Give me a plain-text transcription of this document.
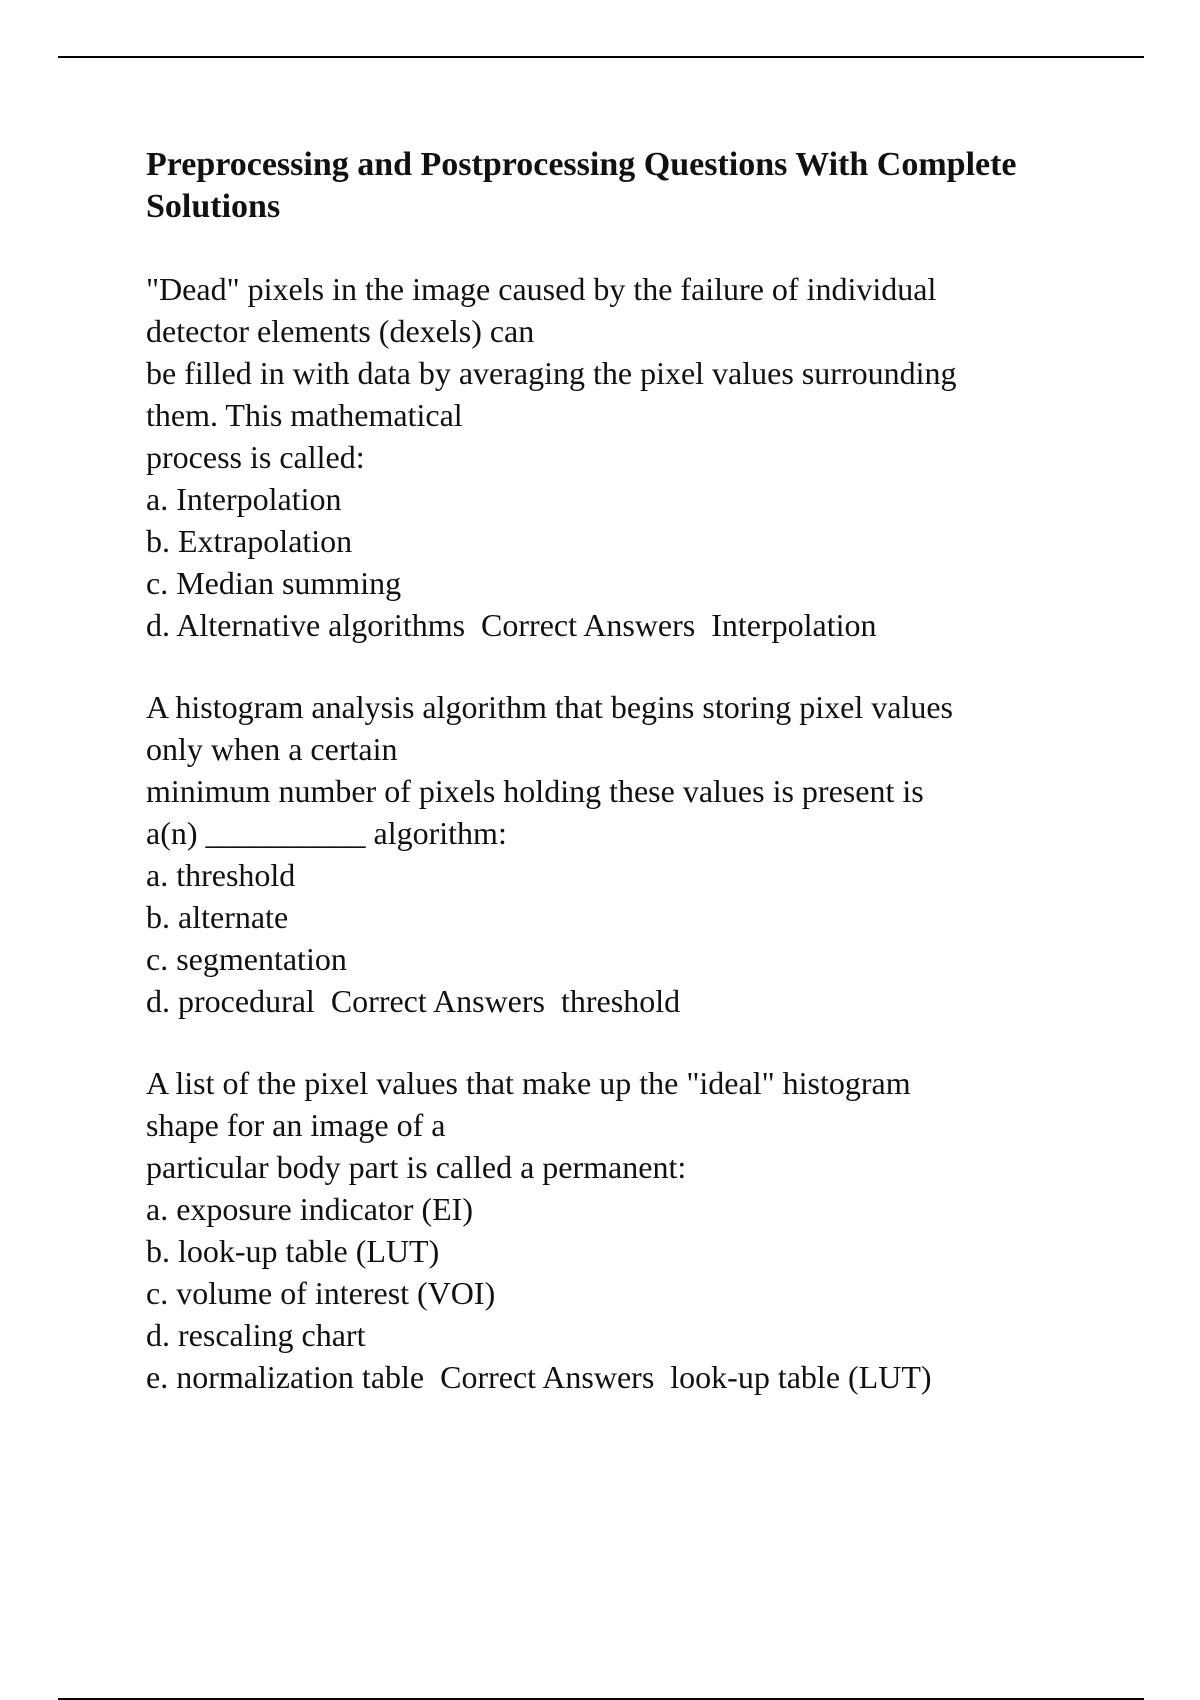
Preprocessing and Postprocessing Questions With Complete
Solutions
"Dead" pixels in the image caused by the failure of individual
detector elements (dexels) can
be filled in with data by averaging the pixel values surrounding
them. This mathematical
process is called:
a. Interpolation
b. Extrapolation
c. Median summing
d. Alternative algorithms Correct Answers Interpolation
A histogram analysis algorithm that begins storing pixel values
only when a certain
minimum number of pixels holding these values is present is
a(n) __________ algorithm:
a. threshold
b. alternate
c. segmentation
d. procedural Correct Answers threshold
A list of the pixel values that make up the "ideal" histogram
shape for an image of a
particular body part is called a permanent:
a. exposure indicator (EI)
b. look-up table (LUT)
c. volume of interest (VOI)
d. rescaling chart
e. normalization table Correct Answers look-up table (LUT)
